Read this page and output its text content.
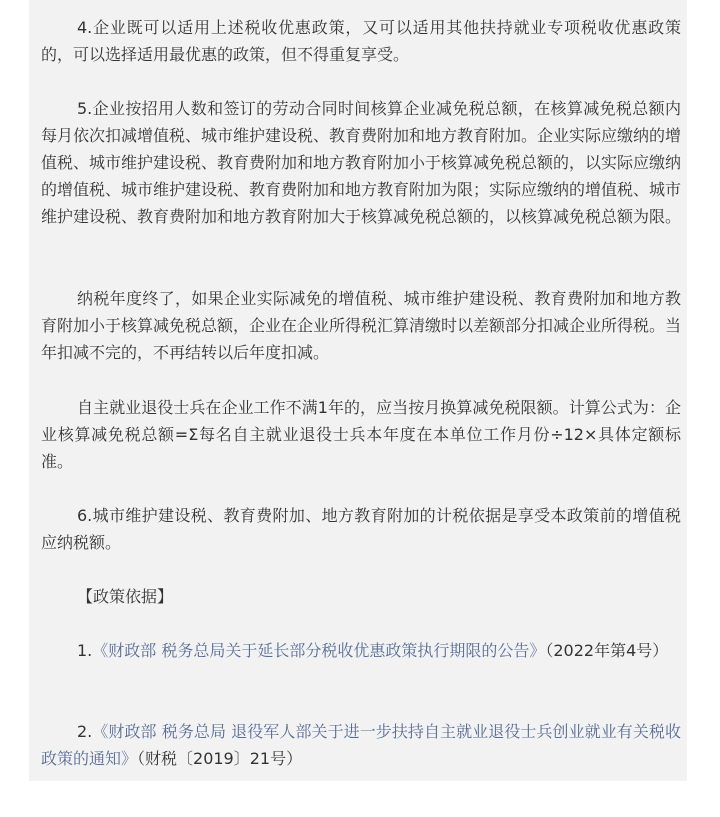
4.企业既可以适用上述税收优惠政策，又可以适用其他扶持就业专项税收优惠政策的，可以选择适用最优惠的政策，但不得重复享受。

5.企业按招用人数和签订的劳动合同时间核算企业减免税总额，在核算减免税总额内每月依次扣减增值税、城市维护建设税、教育费附加和地方教育附加。企业实际应缴纳的增值税、城市维护建设税、教育费附加和地方教育附加小于核算减免税总额的，以实际应缴纳的增值税、城市维护建设税、教育费附加和地方教育附加为限；实际应缴纳的增值税、城市维护建设税、教育费附加和地方教育附加大于核算减免税总额的，以核算减免税总额为限。

纳税年度终了，如果企业实际减免的增值税、城市维护建设税、教育费附加和地方教育附加小于核算减免税总额，企业在企业所得税汇算清缴时以差额部分扣减企业所得税。当年扣减不完的，不再结转以后年度扣减。

自主就业退役士兵在企业工作不满1年的，应当按月换算减免税限额。计算公式为：企业核算减免税总额=Σ每名自主就业退役士兵本年度在本单位工作月份÷12×具体定额标准。

6.城市维护建设税、教育费附加、地方教育附加的计税依据是享受本政策前的增值税应纳税额。

【政策依据】

1.《财政部 税务总局关于延长部分税收优惠政策执行期限的公告》（2022年第4号）

2.《财政部 税务总局 退役军人部关于进一步扶持自主就业退役士兵创业就业有关税收政策的通知》（财税〔2019〕21号）
